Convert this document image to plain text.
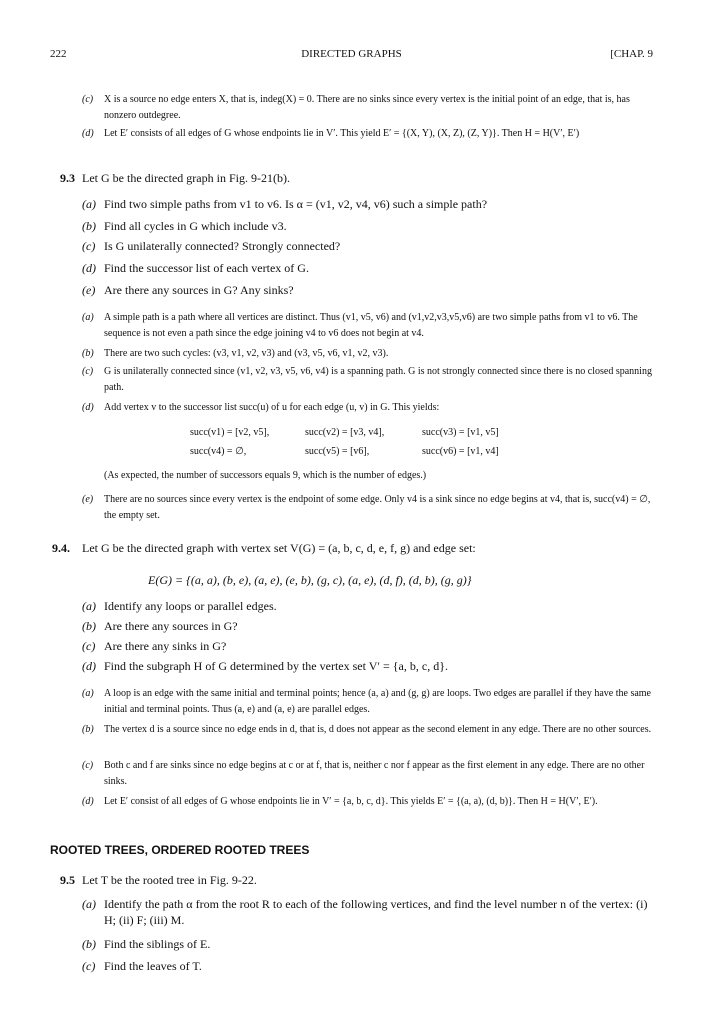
222	DIRECTED GRAPHS	[CHAP. 9
(c) X is a source no edge enters X, that is, indeg(X) = 0. There are no sinks since every vertex is the initial point of an edge, that is, has nonzero outdegree.
(d) Let E′ consists of all edges of G whose endpoints lie in V′. This yield E′ = {(X, Y), (X, Z), (Z, Y)}. Then H = H(V′, E′)
9.3 Let G be the directed graph in Fig. 9-21(b).
(a) Find two simple paths from v1 to v6. Is α = (v1, v2, v4, v6) such a simple path?
(b) Find all cycles in G which include v3.
(c) Is G unilaterally connected? Strongly connected?
(d) Find the successor list of each vertex of G.
(e) Are there any sources in G? Any sinks?
(a) A simple path is a path where all vertices are distinct. Thus (v1, v5, v6) and (v1,v2,v3,v5,v6) are two simple paths from v1 to v6. The sequence is not even a path since the edge joining v4 to v6 does not begin at v4.
(b) There are two such cycles: (v3, v1, v2, v3) and (v3, v5, v6, v1, v2, v3).
(c) G is unilaterally connected since (v1, v2, v3, v5, v6, v4) is a spanning path. G is not strongly connected since there is no closed spanning path.
(d) Add vertex v to the successor list succ(u) of u for each edge (u, v) in G. This yields:
succ(v1) = [v2, v5],	succ(v2) = [v3, v4],	succ(v3) = [v1, v5]
succ(v4) = ∅,	succ(v5) = [v6],	succ(v6) = [v1, v4]
(As expected, the number of successors equals 9, which is the number of edges.)
(e) There are no sources since every vertex is the endpoint of some edge. Only v4 is a sink since no edge begins at v4, that is, succ(v4) = ∅, the empty set.
9.4. Let G be the directed graph with vertex set V(G) = (a, b, c, d, e, f, g) and edge set:
E(G) = {(a, a), (b, e), (a, e), (e, b), (g, c), (a, e), (d, f), (d, b), (g, g)}
(a) Identify any loops or parallel edges.
(b) Are there any sources in G?
(c) Are there any sinks in G?
(d) Find the subgraph H of G determined by the vertex set V′ = {a, b, c, d}.
(a) A loop is an edge with the same initial and terminal points; hence (a, a) and (g, g) are loops. Two edges are parallel if they have the same initial and terminal points. Thus (a, e) and (a, e) are parallel edges.
(b) The vertex d is a source since no edge ends in d, that is, d does not appear as the second element in any edge. There are no other sources.
(c) Both c and f are sinks since no edge begins at c or at f, that is, neither c nor f appear as the first element in any edge. There are no other sinks.
(d) Let E′ consist of all edges of G whose endpoints lie in V′ = {a, b, c, d}. This yields E′ = {(a, a), (d, b)}. Then H = H(V′, E′).
ROOTED TREES, ORDERED ROOTED TREES
9.5 Let T be the rooted tree in Fig. 9-22.
(a) Identify the path α from the root R to each of the following vertices, and find the level number n of the vertex: (i) H; (ii) F; (iii) M.
(b) Find the siblings of E.
(c) Find the leaves of T.
